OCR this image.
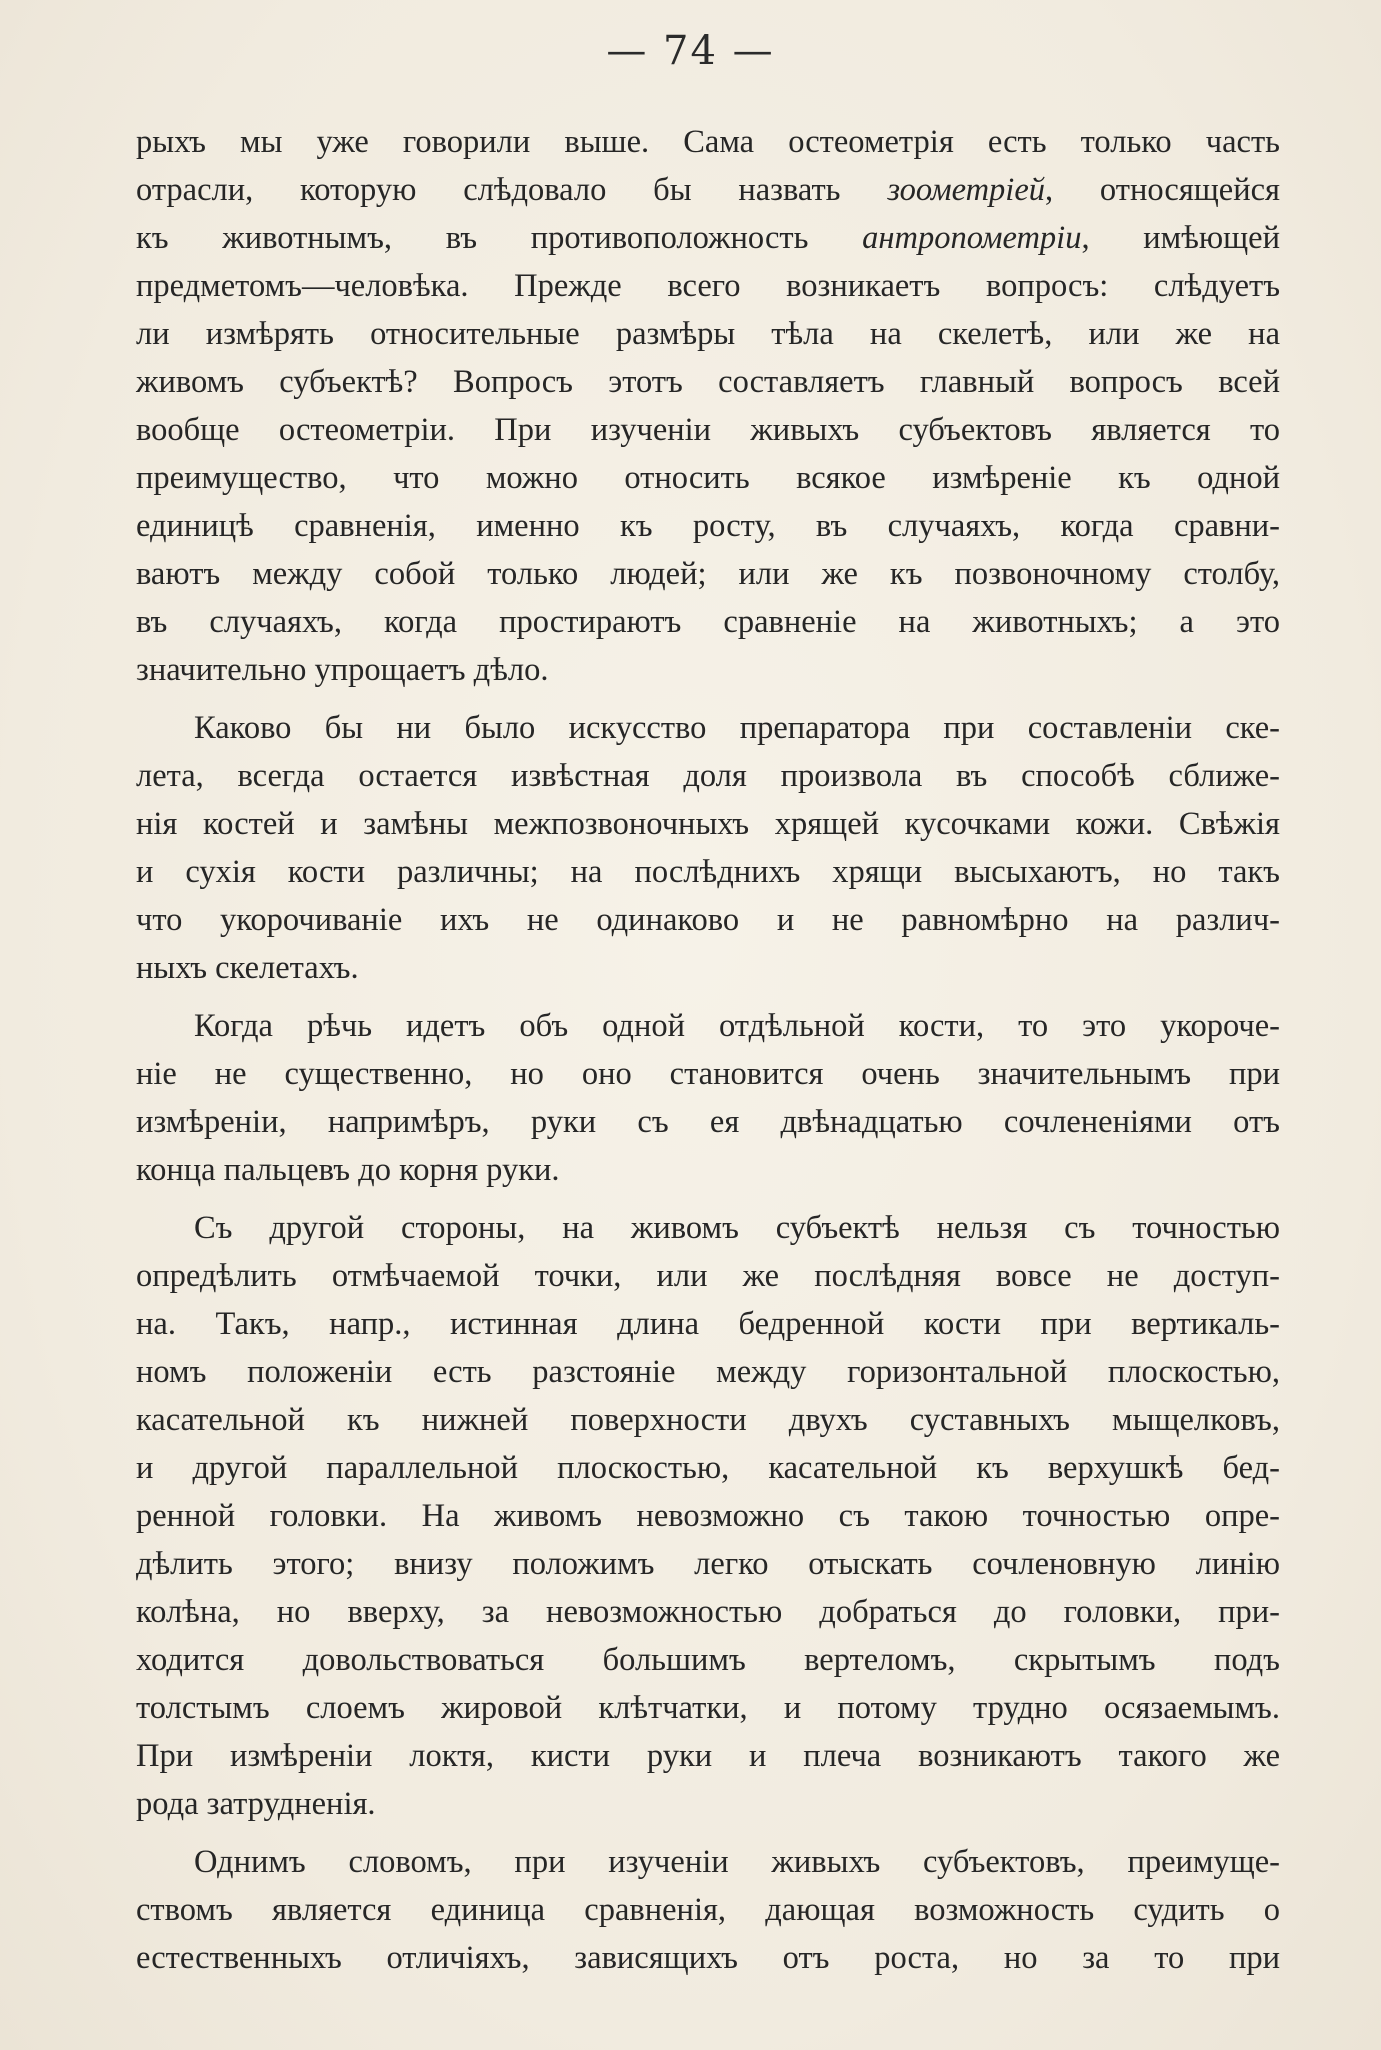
— 74 —
рыхъ мы уже говорили выше. Сама остеометрія есть только часть
отрасли, которую слѣдовало бы назвать зоометріей, относящейся
къ животнымъ, въ противоположность антропометріи, имѣющей
предметомъ—человѣка. Прежде всего возникаетъ вопросъ: слѣдуетъ
ли измѣрять относительные размѣры тѣла на скелетѣ, или же на
живомъ субъектѣ? Вопросъ этотъ составляетъ главный вопросъ всей
вообще остеометріи. При изученіи живыхъ субъектовъ является то
преимущество, что можно относить всякое измѣреніе къ одной
единицѣ сравненія, именно къ росту, въ случаяхъ, когда сравни-
ваютъ между собой только людей; или же къ позвоночному столбу,
въ случаяхъ, когда простираютъ сравненіе на животныхъ; а это
значительно упрощаетъ дѣло.
Каково бы ни было искусство препаратора при составленіи ске-
лета, всегда остается извѣстная доля произвола въ способѣ сближе-
нія костей и замѣны межпозвоночныхъ хрящей кусочками кожи. Свѣжія
и сухія кости различны; на послѣднихъ хрящи высыхаютъ, но такъ
что укорочиваніе ихъ не одинаково и не равномѣрно на различ-
ныхъ скелетахъ.
Когда рѣчь идетъ объ одной отдѣльной кости, то это укороче-
ніе не существенно, но оно становится очень значительнымъ при
измѣреніи, напримѣръ, руки съ ея двѣнадцатью сочлененіями отъ
конца пальцевъ до корня руки.
Съ другой стороны, на живомъ субъектѣ нельзя съ точностью
опредѣлить отмѣчаемой точки, или же послѣдняя вовсе не доступ-
на. Такъ, напр., истинная длина бедренной кости при вертикаль-
номъ положеніи есть разстояніе между горизонтальной плоскостью,
касательной къ нижней поверхности двухъ суставныхъ мыщелковъ,
и другой параллельной плоскостью, касательной къ верхушкѣ бед-
ренной головки. На живомъ невозможно съ такою точностью опре-
дѣлить этого; внизу положимъ легко отыскать сочленовную линію
колѣна, но вверху, за невозможностью добраться до головки, при-
ходится довольствоваться большимъ вертеломъ, скрытымъ подъ
толстымъ слоемъ жировой клѣтчатки, и потому трудно осязаемымъ.
При измѣреніи локтя, кисти руки и плеча возникаютъ такого же
рода затрудненія.
Однимъ словомъ, при изученіи живыхъ субъектовъ, преимуще-
ствомъ является единица сравненія, дающая возможность судить о
естественныхъ отличіяхъ, зависящихъ отъ роста, но за то при
